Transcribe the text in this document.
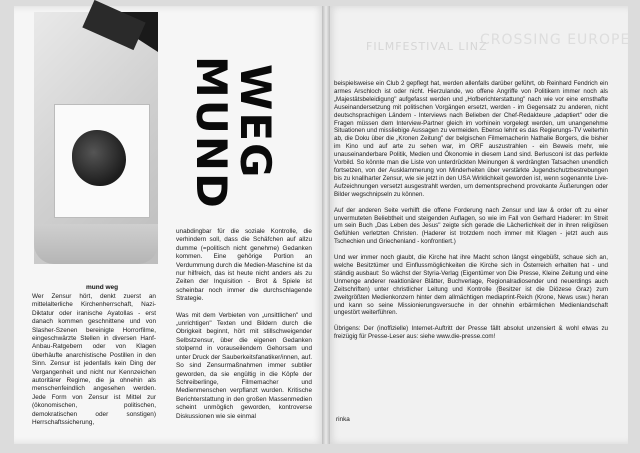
mund weg
MUND
WEG

Wer Zensur hört, denkt zuerst an mittelalterliche Kirchenherrschaft, Nazi-Diktatur oder iranische Ayatollas - erst danach kommen geschnittene und von Slasher-Szenen bereinigte Horrorfilme, eingeschwärzte Stellen in diversen Hanf-Anbau-Ratgebern oder von Klagen überhäufte anarchistische Postillen in den Sinn. Zensur ist jedenfalls kein Ding der Vergangenheit und nicht nur Kennzeichen autoritärer Regime, die ja ohnehin als menschenfeindlich angesehen werden. Jede Form von Zensur ist Mittel zur (ökonomischen, politischen, demokratischen oder sonstigen) Herrschaftssicherung,

unabdingbar für die soziale Kontrolle, die verhindern soll, dass die Schäfchen auf allzu dumme (=politisch nicht genehme) Gedanken kommen. Eine gehörige Portion an Verdummung durch die Medien-Maschine ist da nur hilfreich, das ist heute nicht anders als zu Zeiten der Inquisition - Brot & Spiele ist scheinbar noch immer die durchschlagende Strategie.

Was mit dem Verbieten von „unsittlichen" und „unrichtigen" Texten und Bildern durch die Obrigkeit beginnt, hört mit stillschweigender Selbstzensur, über die eigenen Gedanken stolpernd in vorauseilendem Gehorsam und unter Druck der Sauberkeitsfanatiker/innen, auf. So sind Zensurmaßnahmen immer subtiler geworden, da sie engültig in die Köpfe der Schreiberlinge, Filmemacher und Medienmenschen verpflanzt wurden. Kritische Berichterstattung in den großen Massenmedien scheint unmöglich geworden, kontroverse Diskussionen wie sie einmal

FILMFESTIVAL LINZ
CROSSING EUROPE

beispielsweise ein Club 2 gepflegt hat, werden allenfalls darüber geführt, ob Reinhard Fendrich ein armes Arschloch ist oder nicht. Hierzulande, wo offene Angriffe von Politikern immer noch als „Majestätsbeleidigung" aufgefasst werden und „Hofberichterstattung" nach wie vor eine ernsthafte Auseinandersetzung mit politischen Vorgängen ersetzt, werden - im Gegensatz zu anderen, nicht deutschsprachigen Ländern - Interviews nach Belieben der Chef-Redakteure „adaptiert" oder die Fragen müssen dem Interview-Partner gleich im vorhinein vorgelegt werden, um unangenehme Situationen und missliebige Aussagen zu vermeiden. Ebenso lehnt es das Regierungs-TV weiterhin ab, die Doku über die „Kronen Zeitung" der belgischen Filmemacherin Nathalie Borgers, die bisher im Kino und auf arte zu sehen war, im ORF auszustrahlen - ein Beweis mehr, wie unauseinanderbare Politik, Medien und Ökonomie in diesem Land sind. Berlusconi ist das perfekte Vorbild. So könnte man die Liste von unterdrückten Meinungen & verdrängten Tatsachen unendlich fortsetzen, von der Ausklammerung von Minderheiten über verstärkte Jugendschutzbestrebungen bis zu knallharter Zensur, wie sie jetzt in den USA Wirklichkeit geworden ist, wenn sogenannte Live-Aufzeichnungen versetzt ausgestrahlt werden, um dementsprechend provokante Äußerungen oder Bilder wegschnipseln zu können.

Auf der anderen Seite verhilft die offene Forderung nach Zensur und law & order oft zu einer unvermuteten Beliebtheit und steigenden Auflagen, so wie im Fall von Gerhard Haderer: Im Streit um sein Buch „Das Leben des Jesus" zeigte sich gerade die Lächerlichkeit der in ihren religiösen Gefühlen verletzten Christen. (Haderer ist trotzdem noch immer mit Klagen - jetzt auch aus Tschechien und Griechenland - konfrontiert.)

Und wer immer noch glaubt, die Kirche hat ihre Macht schon längst eingebüßt, schaue sich an, welche Besitztümer und Einflussmöglichkeiten die Kirche sich in Österreich erhalten hat - und ständig ausbaut: So wächst der Styria-Verlag (Eigentümer von Die Presse, Kleine Zeitung und eine Unmenge anderer reaktionärer Blätter, Buchverlage, Regionalradiosender und neuerdings auch Zeitschriften) unter christlicher Leitung und Kontrolle (Besitzer ist die Diözese Graz) zum zweitgrößten Medienkonzern hinter dem allmächtigen mediaprint-Reich (Krone, News usw.) heran und kann so seine Missionierungsversuche in der ohnehin erbärmlichen Medienlandschaft ungestört weiterführen.

Übrigens: Der (inoffizielle) Internet-Auftritt der Presse fällt absolut unzensiert & wohl etwas zu freizügig für Presse-Leser aus: siehe www.die-presse.com!

rinka
